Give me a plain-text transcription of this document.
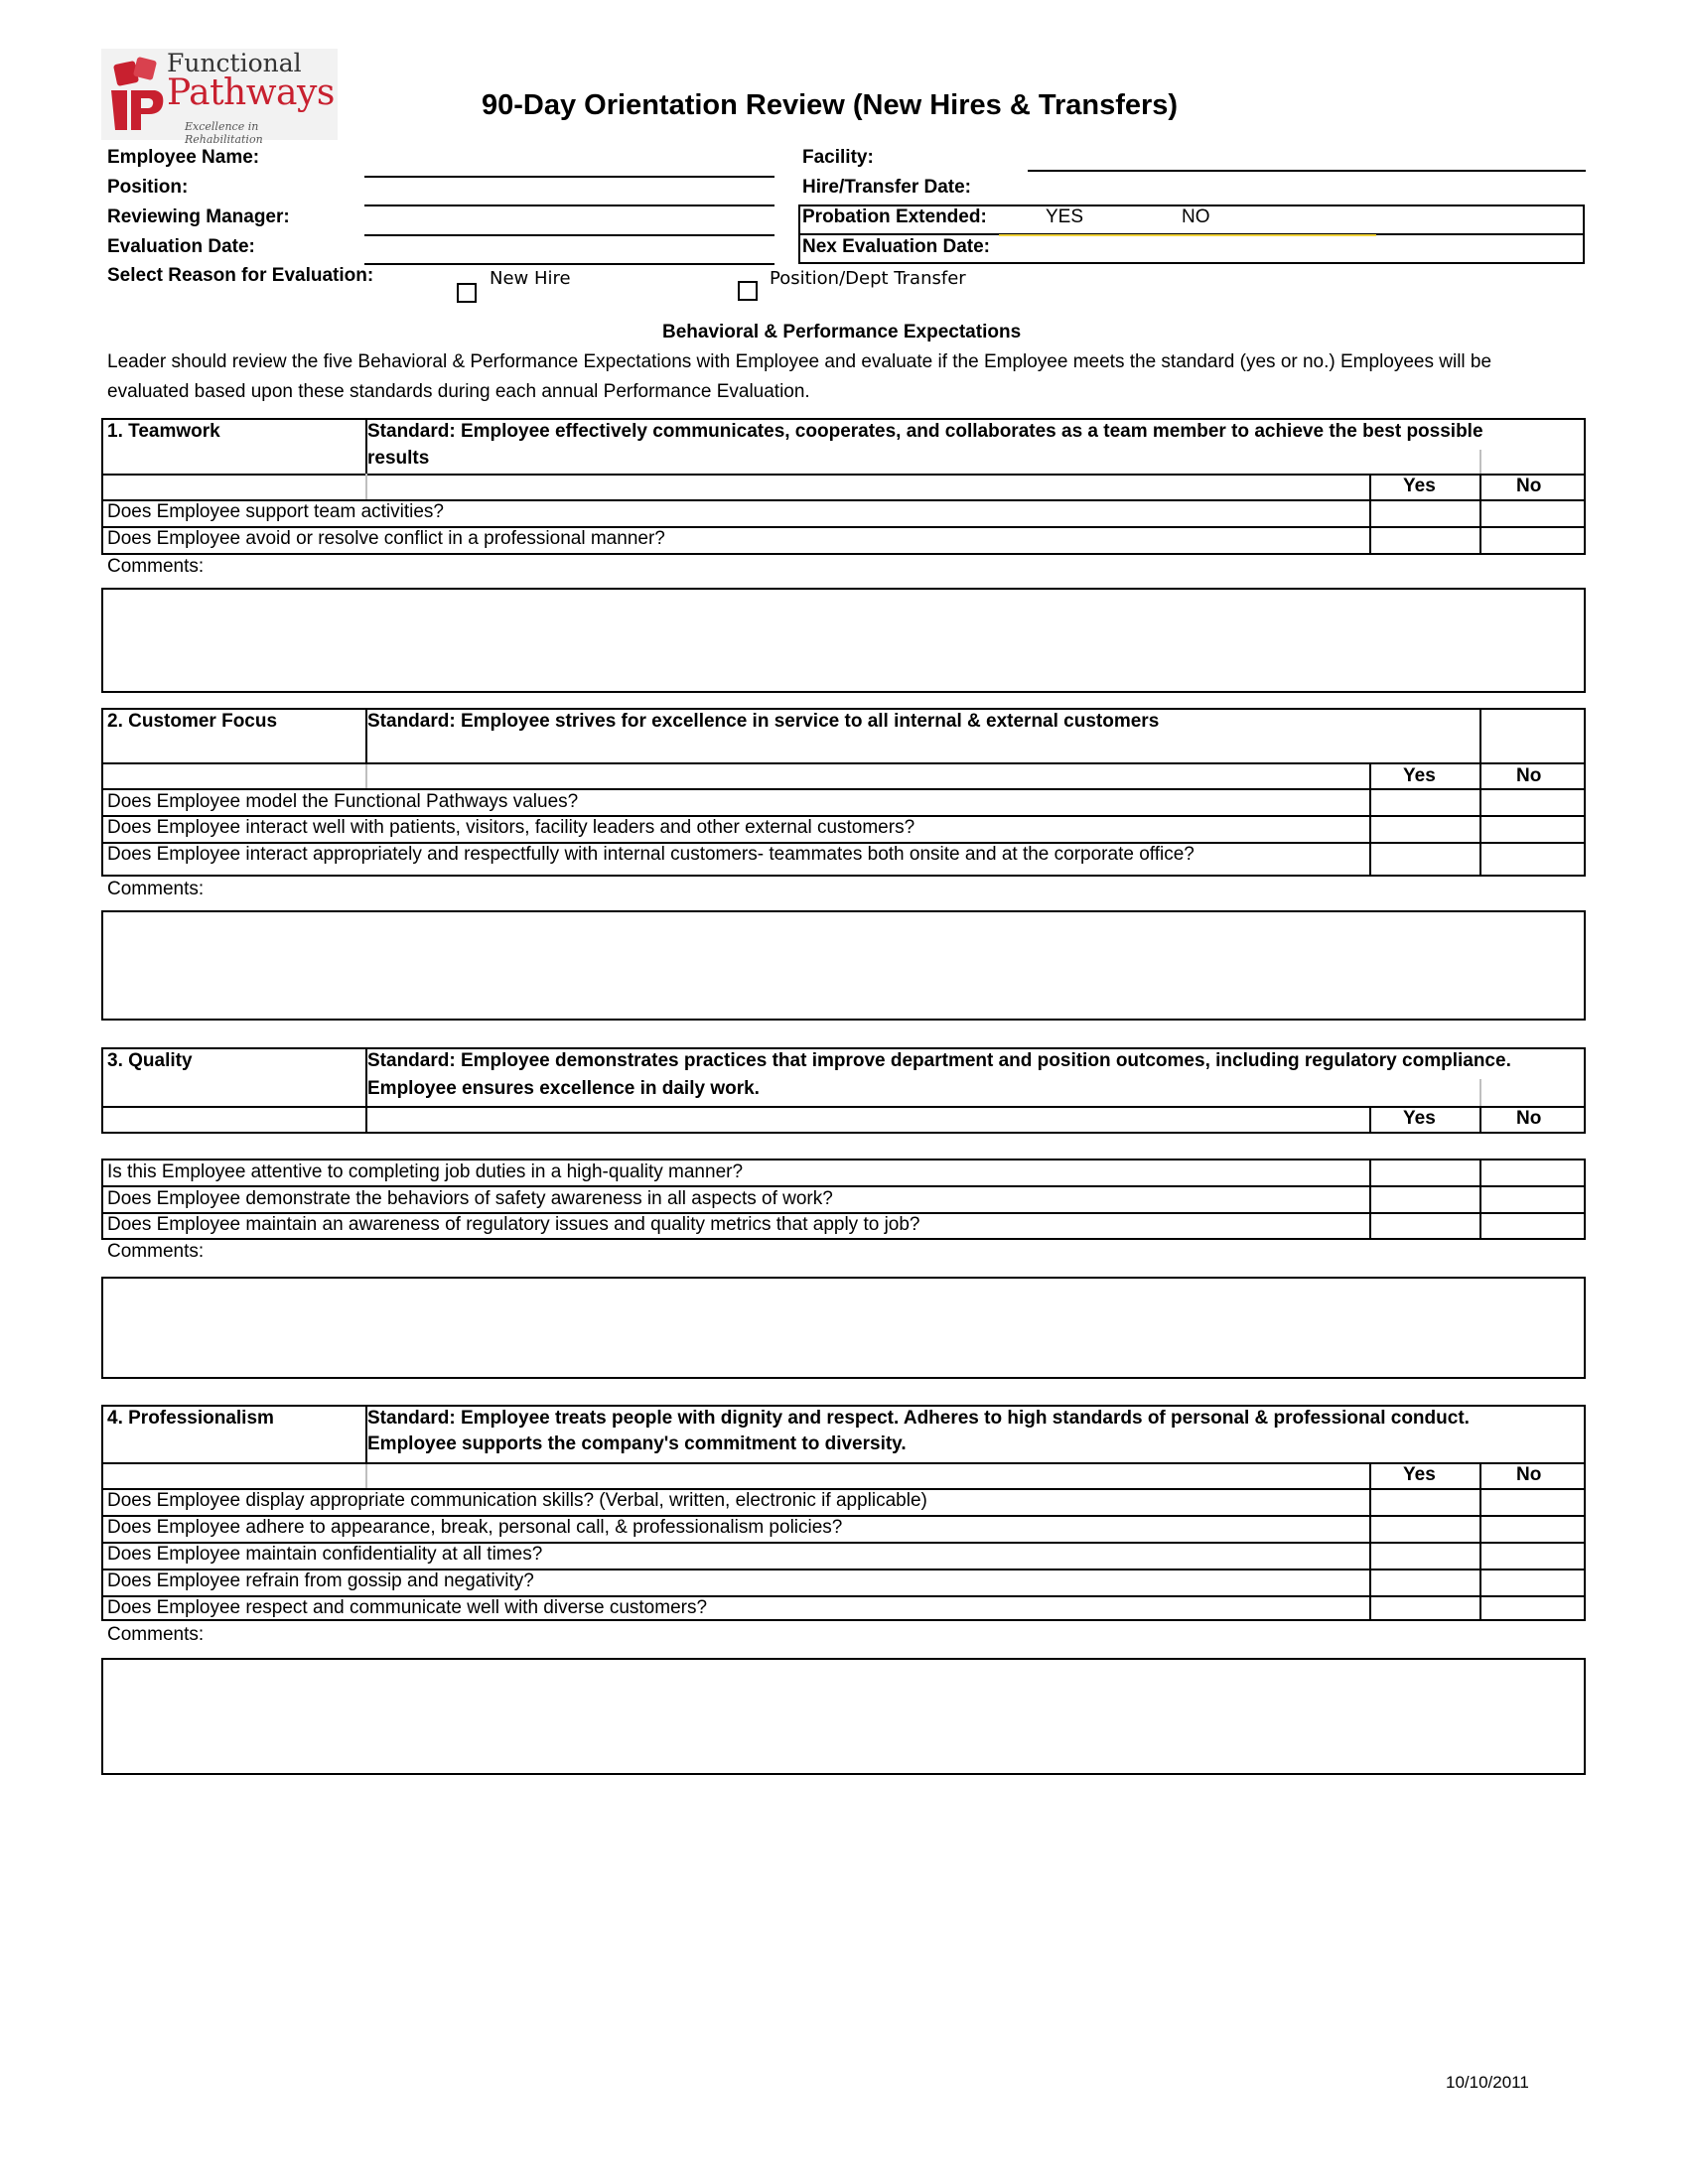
Functional
Pathways
Excellence in Rehabilitation
90-Day Orientation Review (New Hires & Transfers)
Employee Name:
Position:
Reviewing Manager:
Evaluation Date:
Select Reason for Evaluation:
Facility:
Hire/Transfer Date:
Probation Extended:	YES	NO
Nex Evaluation Date:
New Hire	Position/Dept Transfer
Behavioral & Performance Expectations
Leader should review the five Behavioral & Performance Expectations with Employee and evaluate if the Employee meets the standard (yes or no.) Employees will be
evaluated based upon these standards during each annual Performance Evaluation.
1. Teamwork	Standard: Employee effectively communicates, cooperates, and collaborates as a team member to achieve the best possible
results
Yes	No
Does Employee support team activities?
Does Employee avoid or resolve conflict in a professional manner?
Comments:
2. Customer Focus	Standard: Employee strives for excellence in service to all internal & external customers
Yes	No
Does Employee model the Functional Pathways values?
Does Employee interact well with patients, visitors, facility leaders and other external customers?
Does Employee interact appropriately and respectfully with internal customers- teammates both onsite and at the corporate office?
Comments:
3. Quality	Standard: Employee demonstrates practices that improve department and position outcomes, including regulatory compliance.
Employee ensures excellence in daily work.
Yes	No
Is this Employee attentive to completing job duties in a high-quality manner?
Does Employee demonstrate the behaviors of safety awareness in all aspects of work?
Does Employee maintain an awareness of regulatory issues and quality metrics that apply to job?
Comments:
4. Professionalism	Standard: Employee treats people with dignity and respect. Adheres to high standards of personal & professional conduct.
Employee supports the company's commitment to diversity.
Yes	No
Does Employee display appropriate communication skills? (Verbal, written, electronic if applicable)
Does Employee adhere to appearance, break, personal call, & professionalism policies?
Does Employee maintain confidentiality at all times?
Does Employee refrain from gossip and negativity?
Does Employee respect and communicate well with diverse customers?
Comments:
10/10/2011
